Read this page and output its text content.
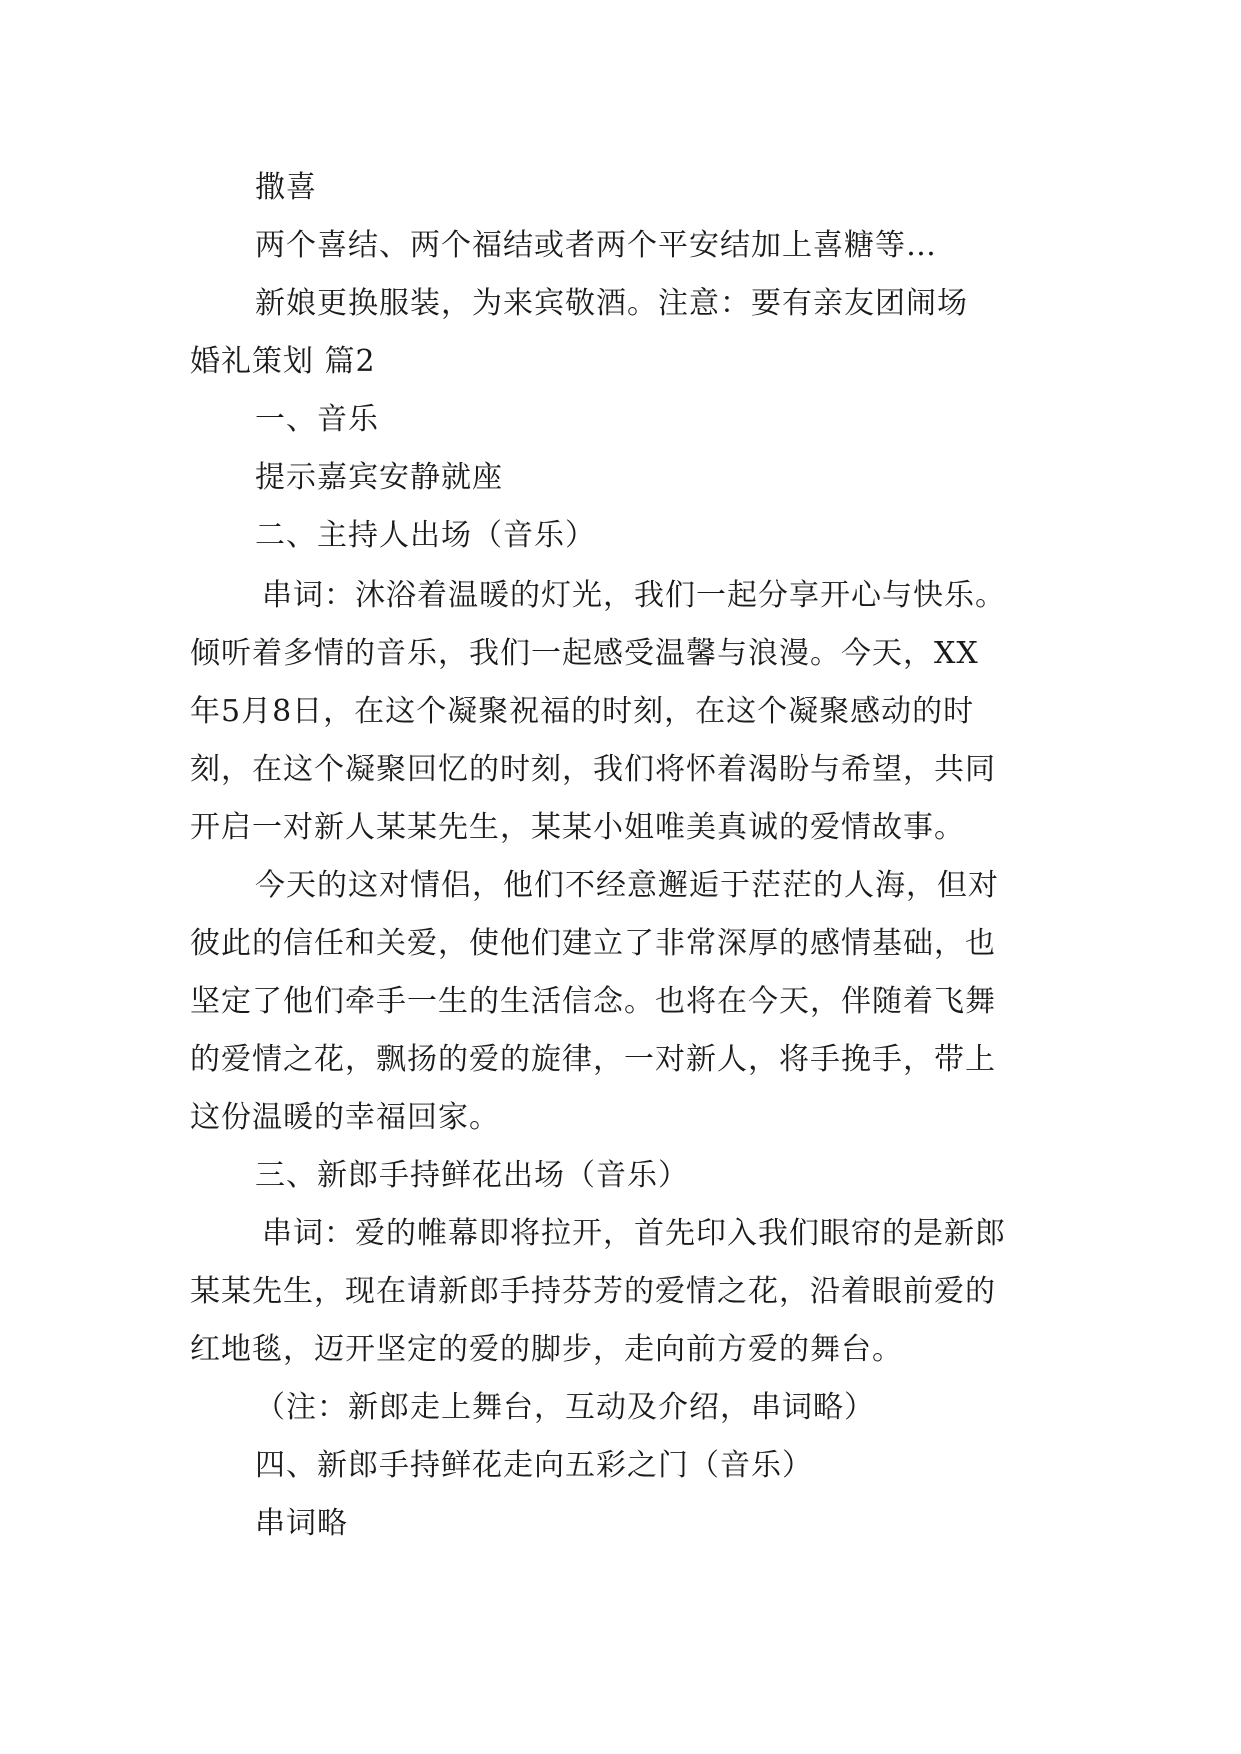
撒喜
两个喜结、两个福结或者两个平安结加上喜糖等…
新娘更换服装，为来宾敬酒。注意：要有亲友团闹场
婚礼策划 篇2
一、音乐
提示嘉宾安静就座
二、主持人出场（音乐）
串词：沐浴着温暖的灯光，我们一起分享开心与快乐。
倾听着多情的音乐，我们一起感受温馨与浪漫。今天，XX
年5月8日，在这个凝聚祝福的时刻，在这个凝聚感动的时
刻，在这个凝聚回忆的时刻，我们将怀着渴盼与希望，共同
开启一对新人某某先生，某某小姐唯美真诚的爱情故事。
今天的这对情侣，他们不经意邂逅于茫茫的人海，但对
彼此的信任和关爱，使他们建立了非常深厚的感情基础，也
坚定了他们牵手一生的生活信念。也将在今天，伴随着飞舞
的爱情之花，飘扬的爱的旋律，一对新人，将手挽手，带上
这份温暖的幸福回家。
三、新郎手持鲜花出场（音乐）
串词：爱的帷幕即将拉开，首先印入我们眼帘的是新郎
某某先生，现在请新郎手持芬芳的爱情之花，沿着眼前爱的
红地毯，迈开坚定的爱的脚步，走向前方爱的舞台。
（注：新郎走上舞台，互动及介绍，串词略）
四、新郎手持鲜花走向五彩之门（音乐）
串词略
